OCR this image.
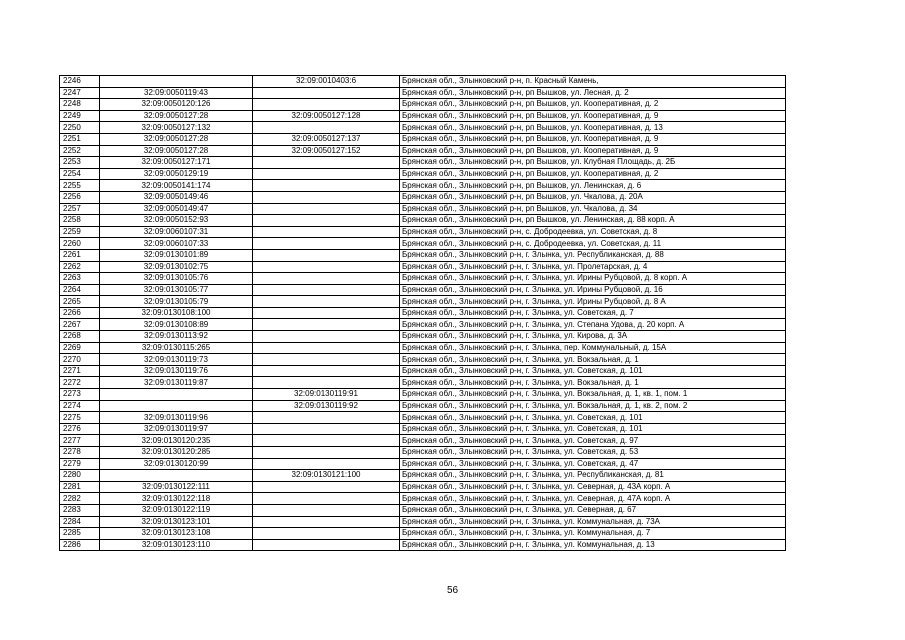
2246		32:09:0010403:6	Брянская обл., Злынковский р-н, п. Красный Камень,
2247	32:09:0050119:43		Брянская обл., Злынковский р-н, рп Вышков, ул. Лесная, д. 2
2248	32:09:0050120:126		Брянская обл., Злынковский р-н, рп Вышков, ул. Кооперативная, д. 2
2249	32:09:0050127:28	32:09:0050127:128	Брянская обл., Злынковский р-н, рп Вышков, ул. Кооперативная, д. 9
2250	32:09:0050127:132		Брянская обл., Злынковский р-н, рп Вышков, ул. Кооперативная, д. 13
2251	32:09:0050127:28	32:09:0050127:137	Брянская обл., Злынковский р-н, рп Вышков, ул. Кооперативная, д. 9
2252	32:09:0050127:28	32:09:0050127:152	Брянская обл., Злынковский р-н, рп Вышков, ул. Кооперативная, д. 9
2253	32:09:0050127:171		Брянская обл., Злынковский р-н, рп Вышков, ул. Клубная Площадь, д. 2Б
2254	32:09:0050129:19		Брянская обл., Злынковский р-н, рп Вышков, ул. Кооперативная, д. 2
2255	32:09:0050141:174		Брянская обл., Злынковский р-н, рп Вышков, ул. Ленинская, д. 6
2256	32:09:0050149:46		Брянская обл., Злынковский р-н, рп Вышков, ул. Чкалова, д. 20А
2257	32:09:0050149:47		Брянская обл., Злынковский р-н, рп Вышков, ул. Чкалова, д. 34
2258	32:09:0050152:93		Брянская обл., Злынковский р-н, рп Вышков, ул. Ленинская, д. 88 корп. А
2259	32:09:0060107:31		Брянская обл., Злынковский р-н, с. Добродеевка, ул. Советская, д. 8
2260	32:09:0060107:33		Брянская обл., Злынковский р-н, с. Добродеевка, ул. Советская, д. 11
2261	32:09:0130101:89		Брянская обл., Злынковский р-н, г. Злынка, ул. Республиканская, д. 88
2262	32:09:0130102:75		Брянская обл., Злынковский р-н, г. Злынка, ул. Пролетарская, д. 4
2263	32:09:0130105:76		Брянская обл., Злынковский р-н, г. Злынка, ул. Ирины Рубцовой, д. 8 корп. А
2264	32:09:0130105:77		Брянская обл., Злынковский р-н, г. Злынка, ул. Ирины Рубцовой, д. 16
2265	32:09:0130105:79		Брянская обл., Злынковский р-н, г. Злынка, ул. Ирины Рубцовой, д. 8 А
2266	32:09:0130108:100		Брянская обл., Злынковский р-н, г. Злынка, ул. Советская, д. 7
2267	32:09:0130108:89		Брянская обл., Злынковский р-н, г. Злынка, ул. Степана Удова, д. 20 корп. А
2268	32:09:0130113:92		Брянская обл., Злынковский р-н, г. Злынка, ул. Кирова, д. 3А
2269	32:09:0130115:265		Брянская обл., Злынковский р-н, г. Злынка, пер. Коммунальный, д. 15А
2270	32:09:0130119:73		Брянская обл., Злынковский р-н, г. Злынка, ул. Вокзальная, д. 1
2271	32:09:0130119:76		Брянская обл., Злынковский р-н, г. Злынка, ул. Советская, д. 101
2272	32:09:0130119:87		Брянская обл., Злынковский р-н, г. Злынка, ул. Вокзальная, д. 1
2273		32:09:0130119:91	Брянская обл., Злынковский р-н, г. Злынка, ул. Вокзальная, д. 1, кв. 1, пом. 1
2274		32:09:0130119:92	Брянская обл., Злынковский р-н, г. Злынка, ул. Вокзальная, д. 1, кв. 2, пом. 2
2275	32:09:0130119:96		Брянская обл., Злынковский р-н, г. Злынка, ул. Советская, д. 101
2276	32:09:0130119:97		Брянская обл., Злынковский р-н, г. Злынка, ул. Советская, д. 101
2277	32:09:0130120:235		Брянская обл., Злынковский р-н, г. Злынка, ул. Советская, д. 97
2278	32:09:0130120:285		Брянская обл., Злынковский р-н, г. Злынка, ул. Советская, д. 53
2279	32:09:0130120:99		Брянская обл., Злынковский р-н, г. Злынка, ул. Советская, д. 47
2280		32:09:0130121:100	Брянская обл., Злынковский р-н, г. Злынка, ул. Республиканская, д. 81
2281	32:09:0130122:111		Брянская обл., Злынковский р-н, г. Злынка, ул. Северная, д. 43А корп. А
2282	32:09:0130122:118		Брянская обл., Злынковский р-н, г. Злынка, ул. Северная, д. 47А корп. А
2283	32:09:0130122:119		Брянская обл., Злынковский р-н, г. Злынка, ул. Северная, д. 67
2284	32:09:0130123:101		Брянская обл., Злынковский р-н, г. Злынка, ул. Коммунальная, д. 73А
2285	32:09:0130123:108		Брянская обл., Злынковский р-н, г. Злынка, ул. Коммунальная, д. 7
2286	32:09:0130123:110		Брянская обл., Злынковский р-н, г. Злынка, ул. Коммунальная, д. 13
56
